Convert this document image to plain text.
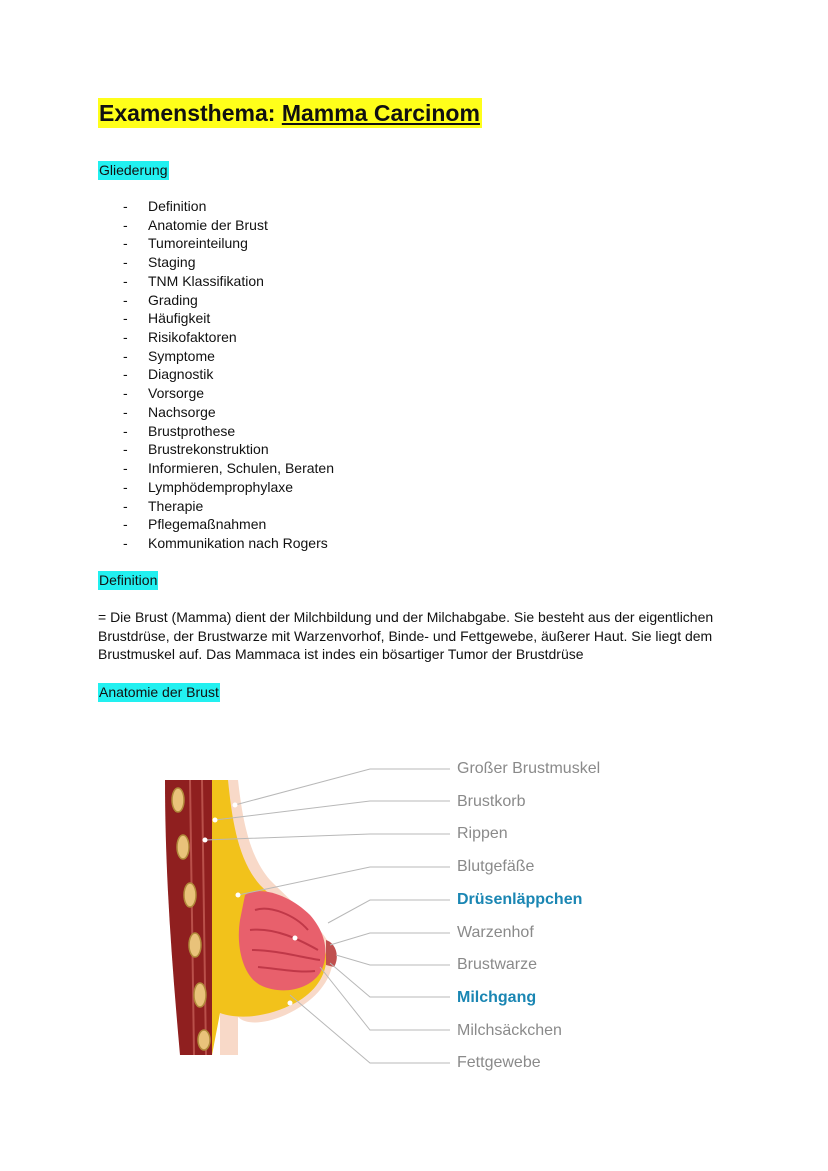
Examensthema: Mamma Carcinom
Gliederung
- Definition
- Anatomie der Brust
- Tumoreinteilung
- Staging
- TNM Klassifikation
- Grading
- Häufigkeit
- Risikofaktoren
- Symptome
- Diagnostik
- Vorsorge
- Nachsorge
- Brustprothese
- Brustrekonstruktion
- Informieren, Schulen, Beraten
- Lymphödemprophylaxe
- Therapie
- Pflegemaßnahmen
- Kommunikation nach Rogers
Definition

= Die Brust (Mamma) dient der Milchbildung und der Milchabgabe. Sie besteht aus der eigentlichen Brustdrüse, der Brustwarze mit Warzenvorhof, Binde- und Fettgewebe, äußerer Haut. Sie liegt dem Brustmuskel auf. Das Mammaca ist indes ein bösartiger Tumor der Brustdrüse

Anatomie der Brust
Großer Brustmuskel
Brustkorb
Rippen
Blutgefäße
Drüsenläppchen
Warzenhof
Brustwarze
Milchgang
Milchsäckchen
Fettgewebe
